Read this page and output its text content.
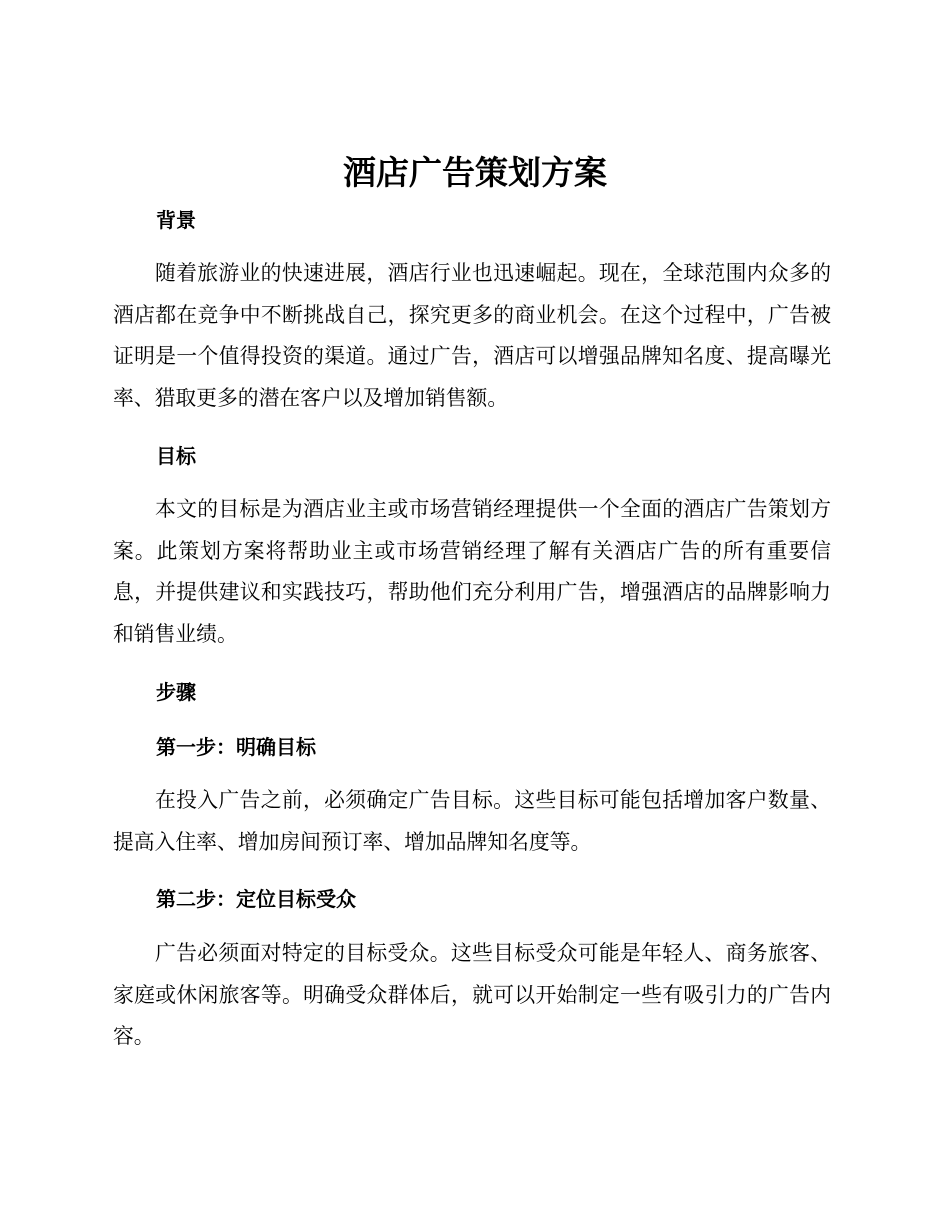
酒店广告策划方案
背景

随着旅游业的快速进展，酒店行业也迅速崛起。现在，全球范围内众多的酒店都在竞争中不断挑战自己，探究更多的商业机会。在这个过程中，广告被证明是一个值得投资的渠道。通过广告，酒店可以增强品牌知名度、提高曝光率、猎取更多的潜在客户以及增加销售额。

目标

本文的目标是为酒店业主或市场营销经理提供一个全面的酒店广告策划方案。此策划方案将帮助业主或市场营销经理了解有关酒店广告的所有重要信息，并提供建议和实践技巧，帮助他们充分利用广告，增强酒店的品牌影响力和销售业绩。

步骤
第一步：明确目标

在投入广告之前，必须确定广告目标。这些目标可能包括增加客户数量、提高入住率、增加房间预订率、增加品牌知名度等。

第二步：定位目标受众

广告必须面对特定的目标受众。这些目标受众可能是年轻人、商务旅客、家庭或休闲旅客等。明确受众群体后，就可以开始制定一些有吸引力的广告内容。
